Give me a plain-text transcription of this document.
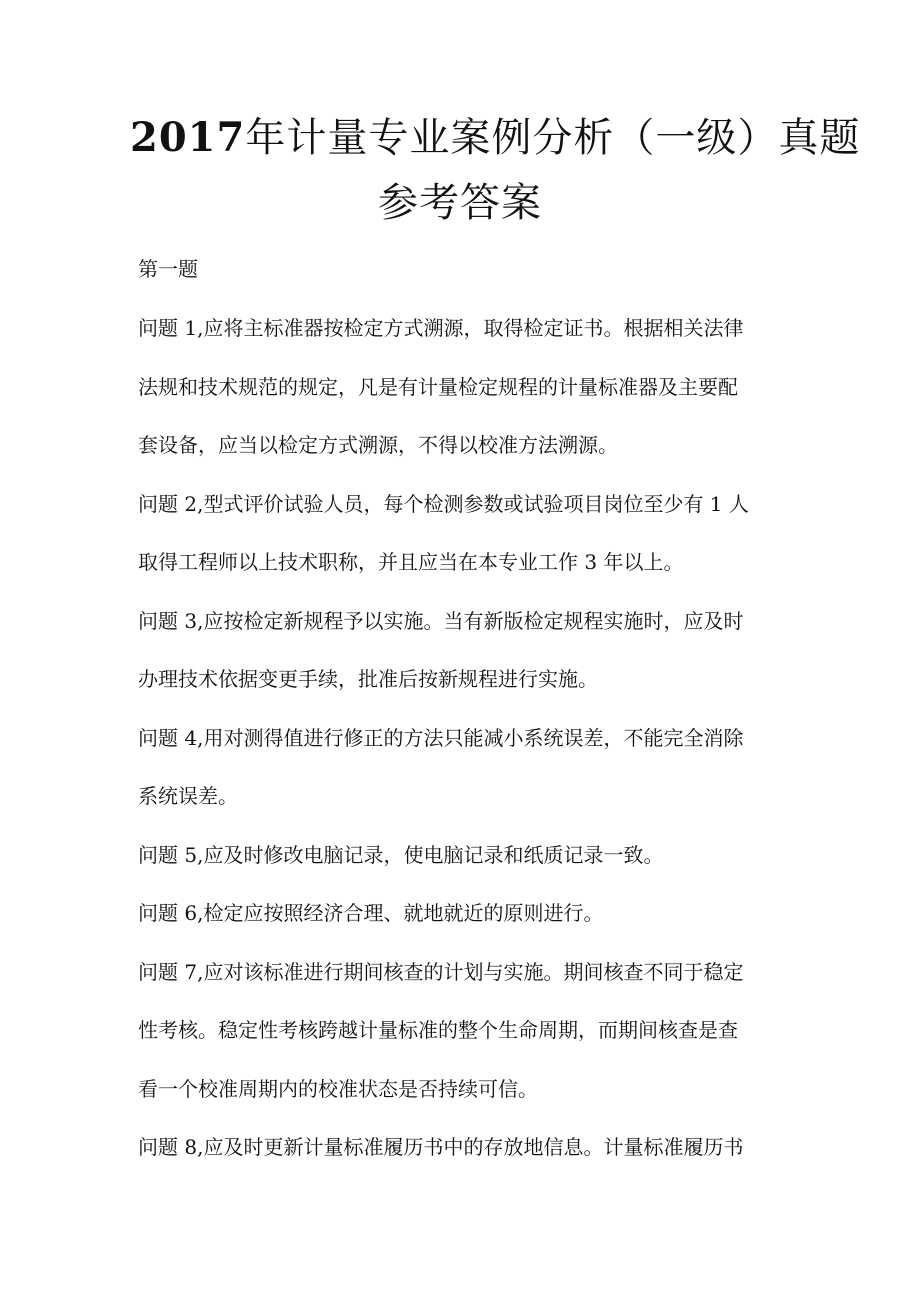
2017年计量专业案例分析（一级）真题
参考答案
第一题
问题 1,应将主标准器按检定方式溯源，取得检定证书。根据相关法律
法规和技术规范的规定，凡是有计量检定规程的计量标准器及主要配
套设备，应当以检定方式溯源，不得以校准方法溯源。
问题 2,型式评价试验人员，每个检测参数或试验项目岗位至少有 1 人
取得工程师以上技术职称，并且应当在本专业工作 3 年以上。
问题 3,应按检定新规程予以实施。当有新版检定规程实施时，应及时
办理技术依据变更手续，批准后按新规程进行实施。
问题 4,用对测得值进行修正的方法只能减小系统误差，不能完全消除
系统误差。
问题 5,应及时修改电脑记录，使电脑记录和纸质记录一致。
问题 6,检定应按照经济合理、就地就近的原则进行。
问题 7,应对该标准进行期间核查的计划与实施。期间核查不同于稳定
性考核。稳定性考核跨越计量标准的整个生命周期，而期间核查是查
看一个校准周期内的校准状态是否持续可信。
问题 8,应及时更新计量标准履历书中的存放地信息。计量标准履历书
